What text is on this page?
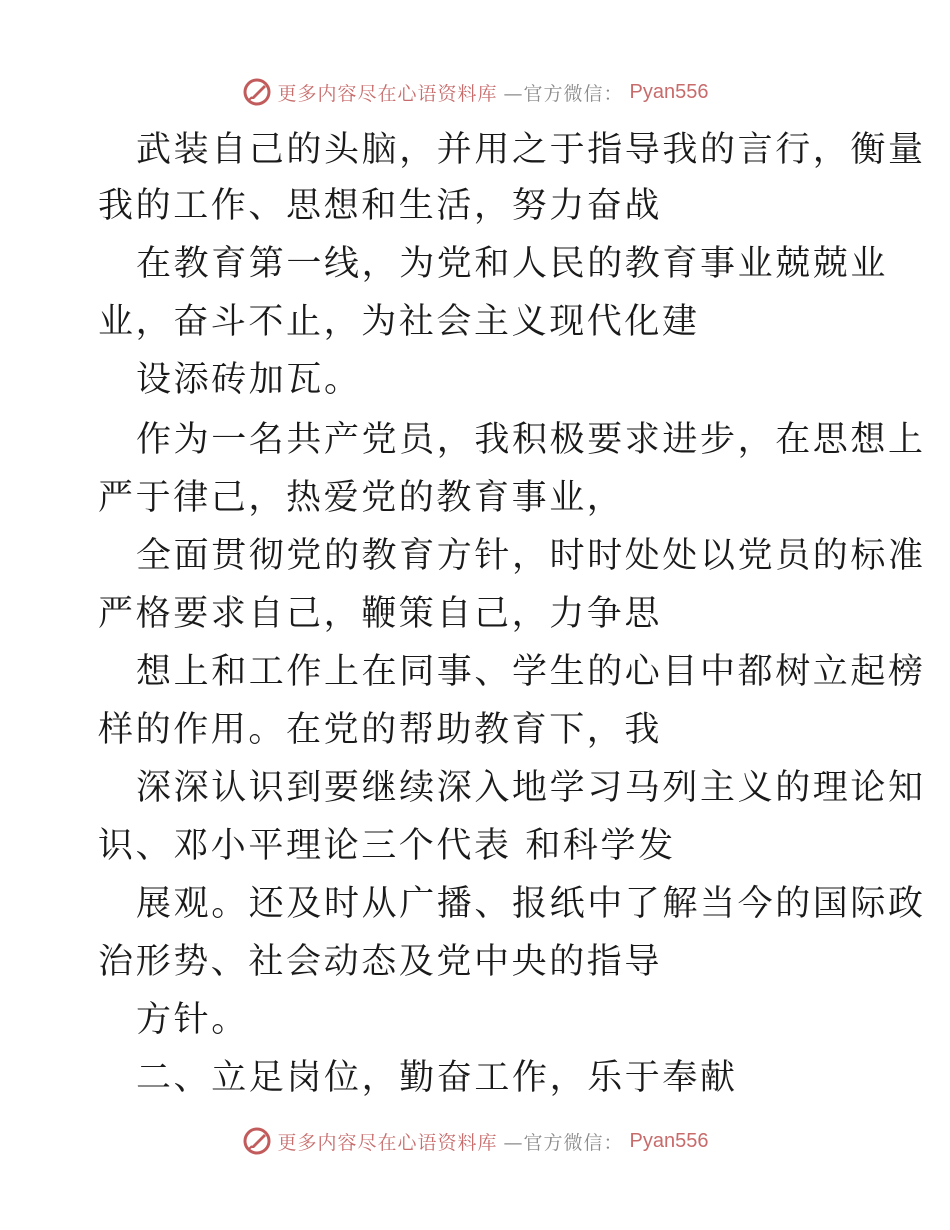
更多内容尽在心语资料库 —官方微信： Pyan556
武装自己的头脑，并用之于指导我的言行，衡量
我的工作、思想和生活，努力奋战
在教育第一线，为党和人民的教育事业兢兢业
业，奋斗不止，为社会主义现代化建
设添砖加瓦。
作为一名共产党员，我积极要求进步，在思想上
严于律己，热爱党的教育事业，
全面贯彻党的教育方针，时时处处以党员的标准
严格要求自己，鞭策自己，力争思
想上和工作上在同事、学生的心目中都树立起榜
样的作用。在党的帮助教育下，我
深深认识到要继续深入地学习马列主义的理论知
识、邓小平理论三个代表 和科学发
展观。还及时从广播、报纸中了解当今的国际政
治形势、社会动态及党中央的指导
方针。
二、立足岗位，勤奋工作，乐于奉献
更多内容尽在心语资料库 —官方微信： Pyan556
